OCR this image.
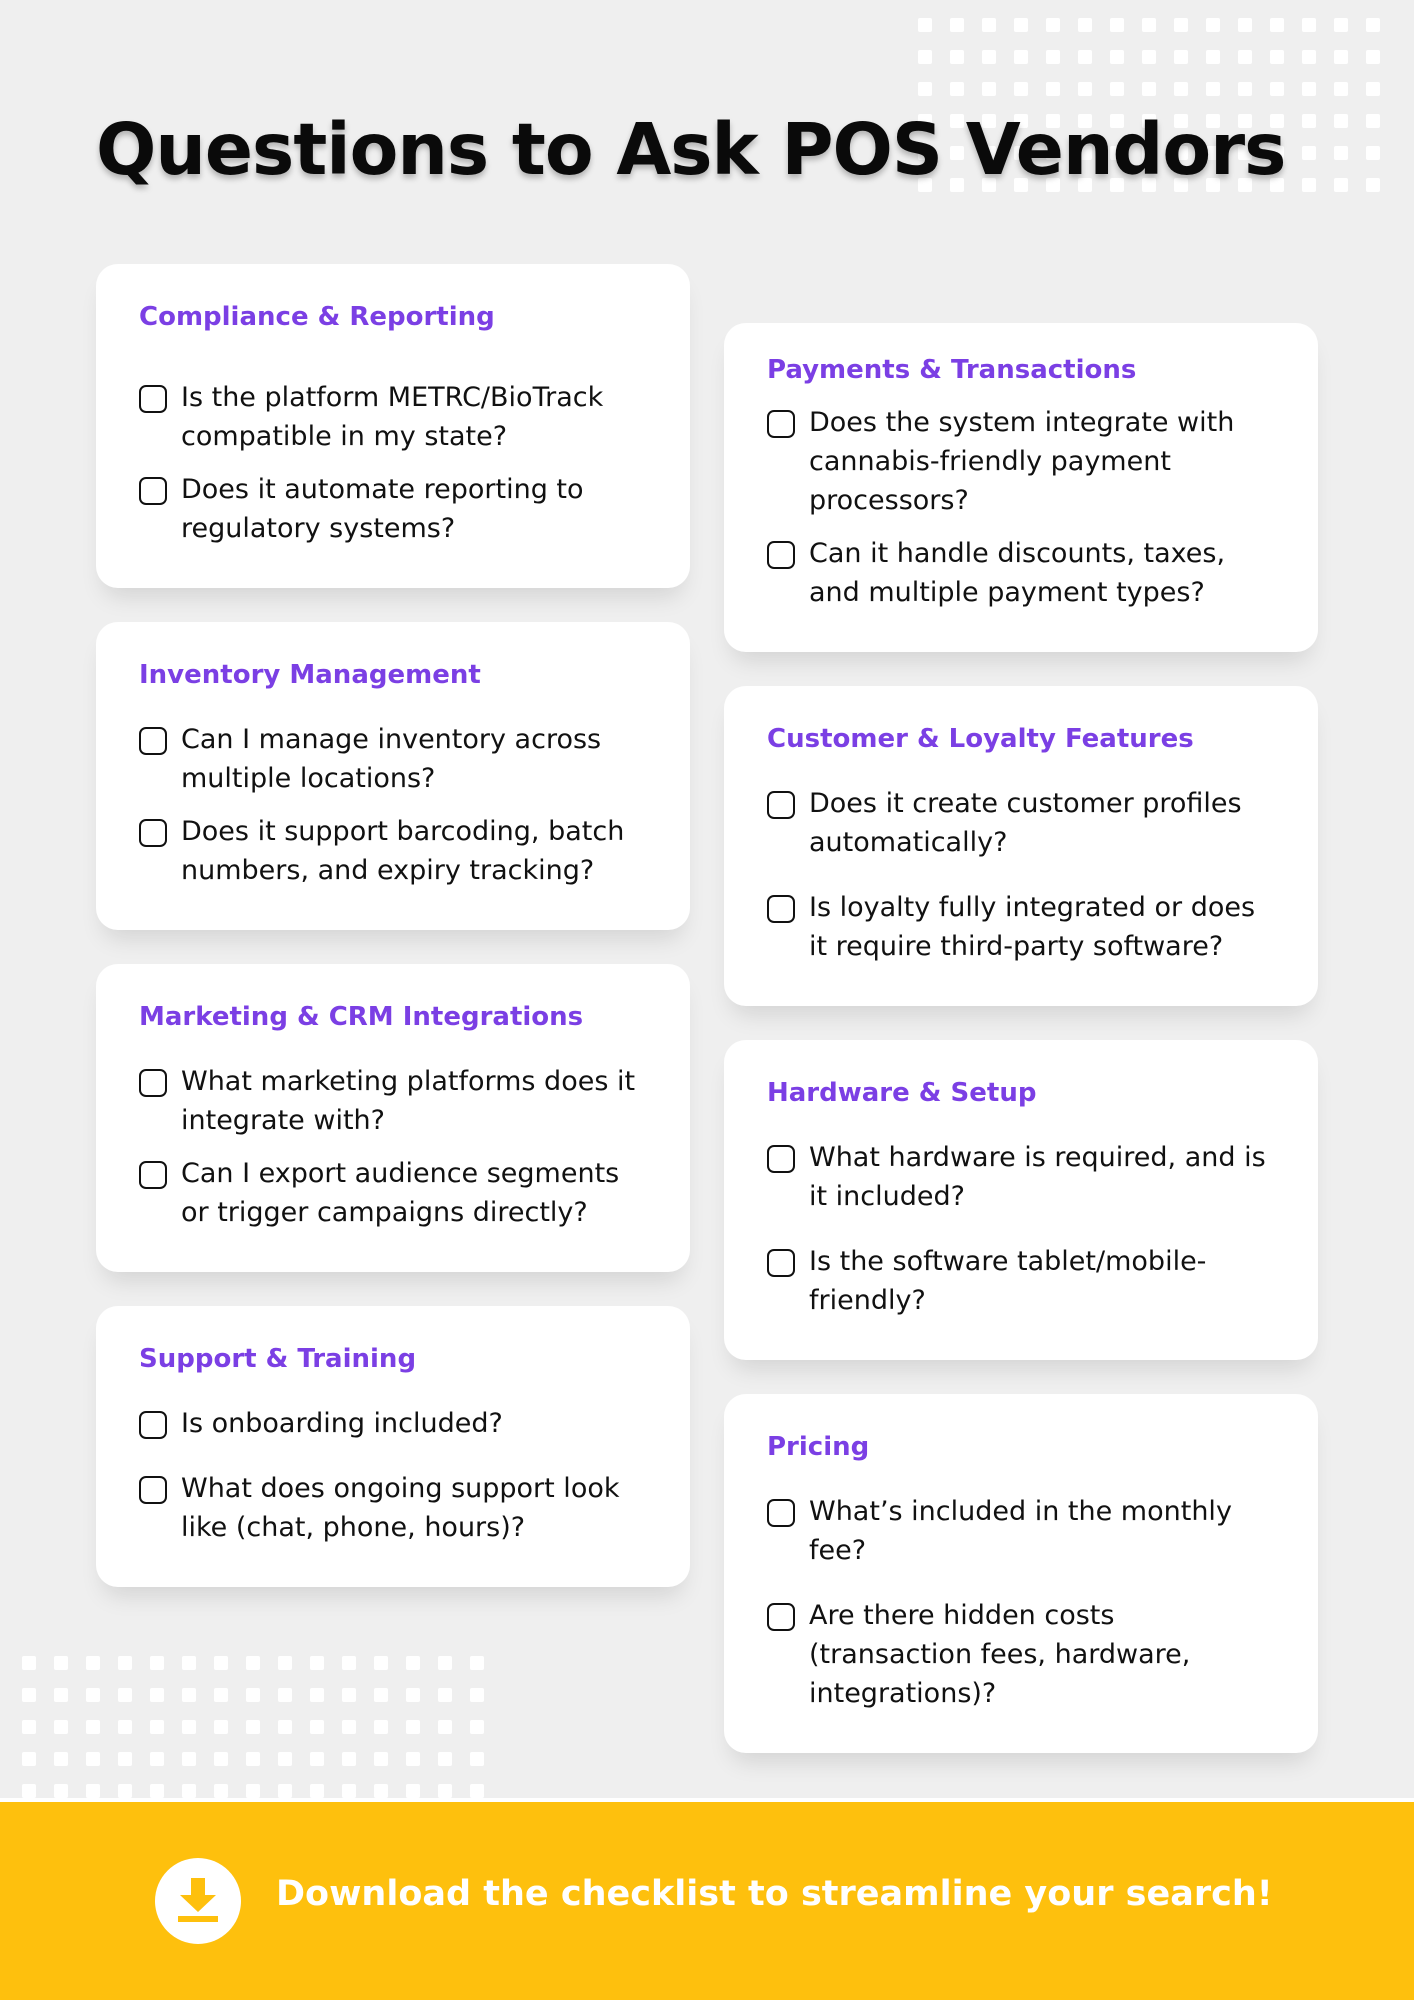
Questions to Ask POS Vendors
Compliance & Reporting
Is the platform METRC/BioTrack compatible in my state?
Does it automate reporting to regulatory systems?
Inventory Management
Can I manage inventory across multiple locations?
Does it support barcoding, batch numbers, and expiry tracking?
Marketing & CRM Integrations
What marketing platforms does it integrate with?
Can I export audience segments or trigger campaigns directly?
Support & Training
Is onboarding included?
What does ongoing support look like (chat, phone, hours)?
Payments & Transactions
Does the system integrate with cannabis-friendly payment processors?
Can it handle discounts, taxes, and multiple payment types?
Customer & Loyalty Features
Does it create customer profiles automatically?
Is loyalty fully integrated or does it require third-party software?
Hardware & Setup
What hardware is required, and is it included?
Is the software tablet/mobile-friendly?
Pricing
What’s included in the monthly fee?
Are there hidden costs (transaction fees, hardware, integrations)?
Download the checklist to streamline your search!
